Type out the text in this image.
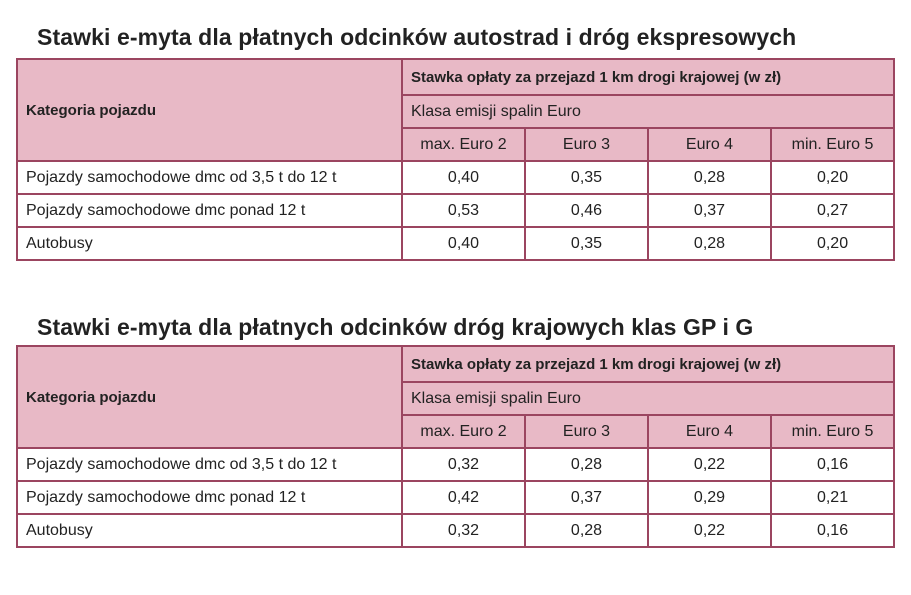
Stawki e-myta dla płatnych odcinków autostrad i dróg ekspresowych
Kategoria pojazdu	Stawka opłaty za przejazd 1 km drogi krajowej (w zł)			
	Klasa emisji spalin Euro			
	max. Euro 2	Euro 3	Euro 4	min. Euro 5
Pojazdy samochodowe dmc od 3,5 t do 12 t	0,40	0,35	0,28	0,20
Pojazdy samochodowe dmc ponad 12 t	0,53	0,46	0,37	0,27
Autobusy	0,40	0,35	0,28	0,20
Stawki e-myta dla płatnych odcinków dróg krajowych klas GP i G
Kategoria pojazdu	Stawka opłaty za przejazd 1 km drogi krajowej (w zł)			
	Klasa emisji spalin Euro			
	max. Euro 2	Euro 3	Euro 4	min. Euro 5
Pojazdy samochodowe dmc od 3,5 t do 12 t	0,32	0,28	0,22	0,16
Pojazdy samochodowe dmc ponad 12 t	0,42	0,37	0,29	0,21
Autobusy	0,32	0,28	0,22	0,16
